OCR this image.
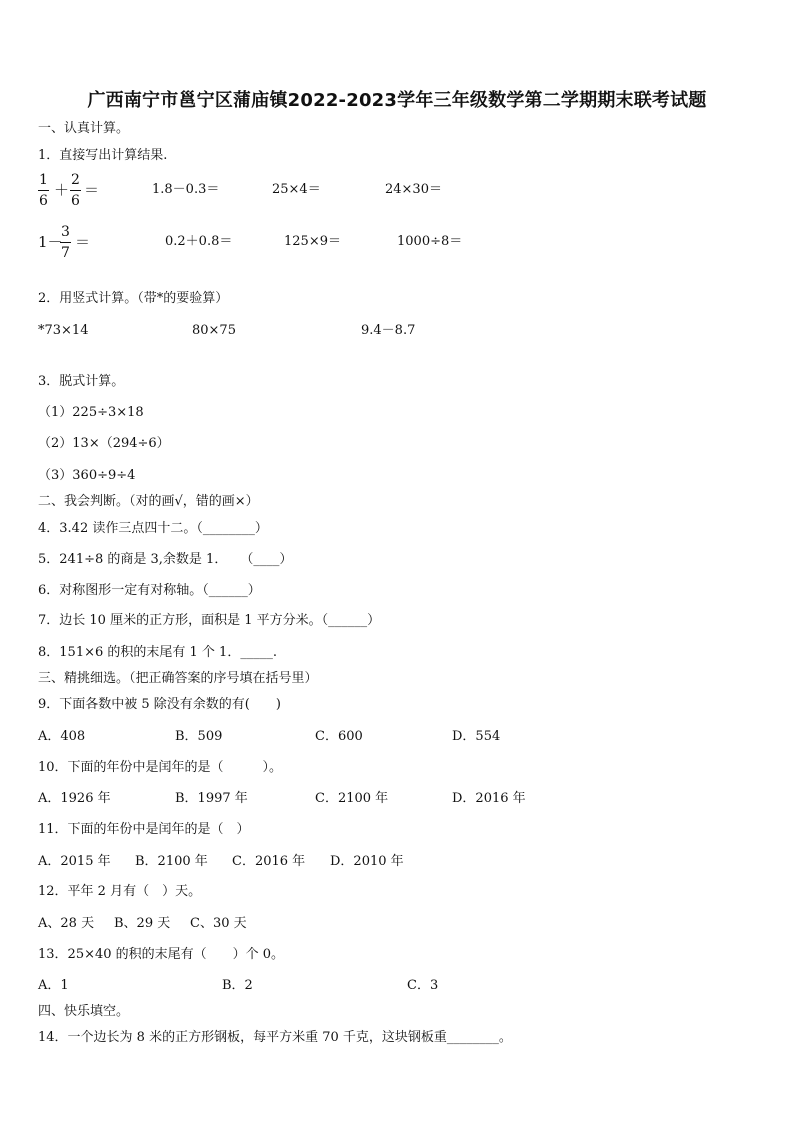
广西南宁市邕宁区蒲庙镇2022-2023学年三年级数学第二学期期末联考试题
一、认真计算。
1．直接写出计算结果.
1
6
＋
2
6
＝	1.8－0.3＝	25×4＝	24×30＝
1－
3
7
＝	0.2＋0.8＝	125×9＝	1000÷8＝
2．用竖式计算。（带*的要验算）
*73×14	80×75	9.4－8.7
3．脱式计算。
（1）225÷3×18
（2）13×（294÷6）
（3）360÷9÷4
二、我会判断。（对的画√，错的画×）
4．3.42 读作三点四十二。（________）
5．241÷8 的商是 3,余数是 1．　　（____）
6．对称图形一定有对称轴。（______）
7．边长 10 厘米的正方形，面积是 1 平方分米。（______）
8．151×6 的积的末尾有 1 个 1．_____.
三、精挑细选。（把正确答案的序号填在括号里）
9．下面各数中被 5 除没有余数的有(　　)
A．408	B．509	C．600	D．554
10．下面的年份中是闰年的是（　　　）。
A．1926 年	B．1997 年	C．2100 年	D．2016 年
11．下面的年份中是闰年的是（　）
A．2015 年 B．2100 年 C．2016 年 D．2010 年
12．平年 2 月有（　）天。
A、28 天 B、29 天 C、30 天
13．25×40 的积的末尾有（　　）个 0。
A．1	B．2	C．3
四、快乐填空。
14．一个边长为 8 米的正方形钢板，每平方米重 70 千克，这块钢板重________。
